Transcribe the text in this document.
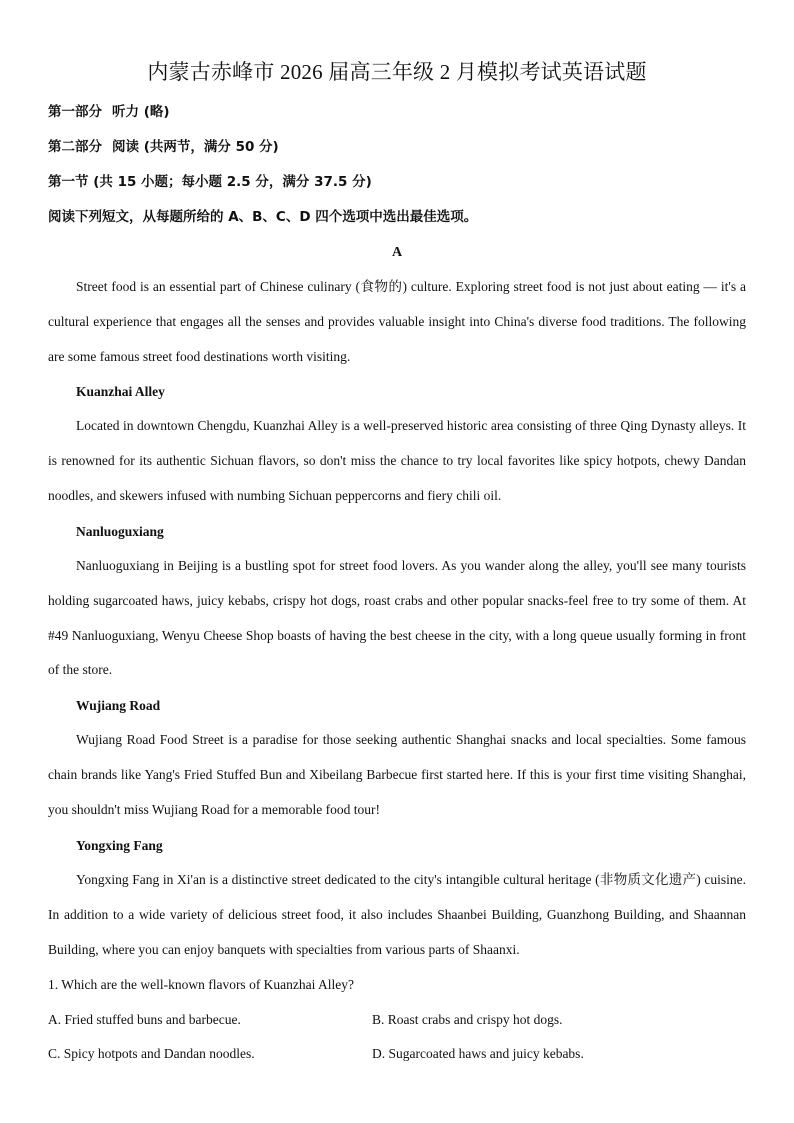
内蒙古赤峰市 2026 届高三年级 2 月模拟考试英语试题
第一部分 听力 (略)
第二部分 阅读 (共两节，满分 50 分)
第一节 (共 15 小题；每小题 2.5 分，满分 37.5 分)
阅读下列短文，从每题所给的 A、B、C、D 四个选项中选出最佳选项。
A

Street food is an essential part of Chinese culinary (食物的) culture. Exploring street food is not just about eating — it's a cultural experience that engages all the senses and provides valuable insight into China's diverse food traditions. The following are some famous street food destinations worth visiting.

Kuanzhai Alley

Located in downtown Chengdu, Kuanzhai Alley is a well-preserved historic area consisting of three Qing Dynasty alleys. It is renowned for its authentic Sichuan flavors, so don't miss the chance to try local favorites like spicy hotpots, chewy Dandan noodles, and skewers infused with numbing Sichuan peppercorns and fiery chili oil.

Nanluoguxiang

Nanluoguxiang in Beijing is a bustling spot for street food lovers. As you wander along the alley, you'll see many tourists holding sugarcoated haws, juicy kebabs, crispy hot dogs, roast crabs and other popular snacks-feel free to try some of them. At #49 Nanluoguxiang, Wenyu Cheese Shop boasts of having the best cheese in the city, with a long queue usually forming in front of the store.

Wujiang Road

Wujiang Road Food Street is a paradise for those seeking authentic Shanghai snacks and local specialties. Some famous chain brands like Yang's Fried Stuffed Bun and Xibeilang Barbecue first started here. If this is your first time visiting Shanghai, you shouldn't miss Wujiang Road for a memorable food tour!

Yongxing Fang

Yongxing Fang in Xi'an is a distinctive street dedicated to the city's intangible cultural heritage (非物质文化遗产) cuisine. In addition to a wide variety of delicious street food, it also includes Shaanbei Building, Guanzhong Building, and Shaannan Building, where you can enjoy banquets with specialties from various parts of Shaanxi.

1. Which are the well-known flavors of Kuanzhai Alley?
A. Fried stuffed buns and barbecue.	B. Roast crabs and crispy hot dogs.
C. Spicy hotpots and Dandan noodles.	D. Sugarcoated haws and juicy kebabs.
